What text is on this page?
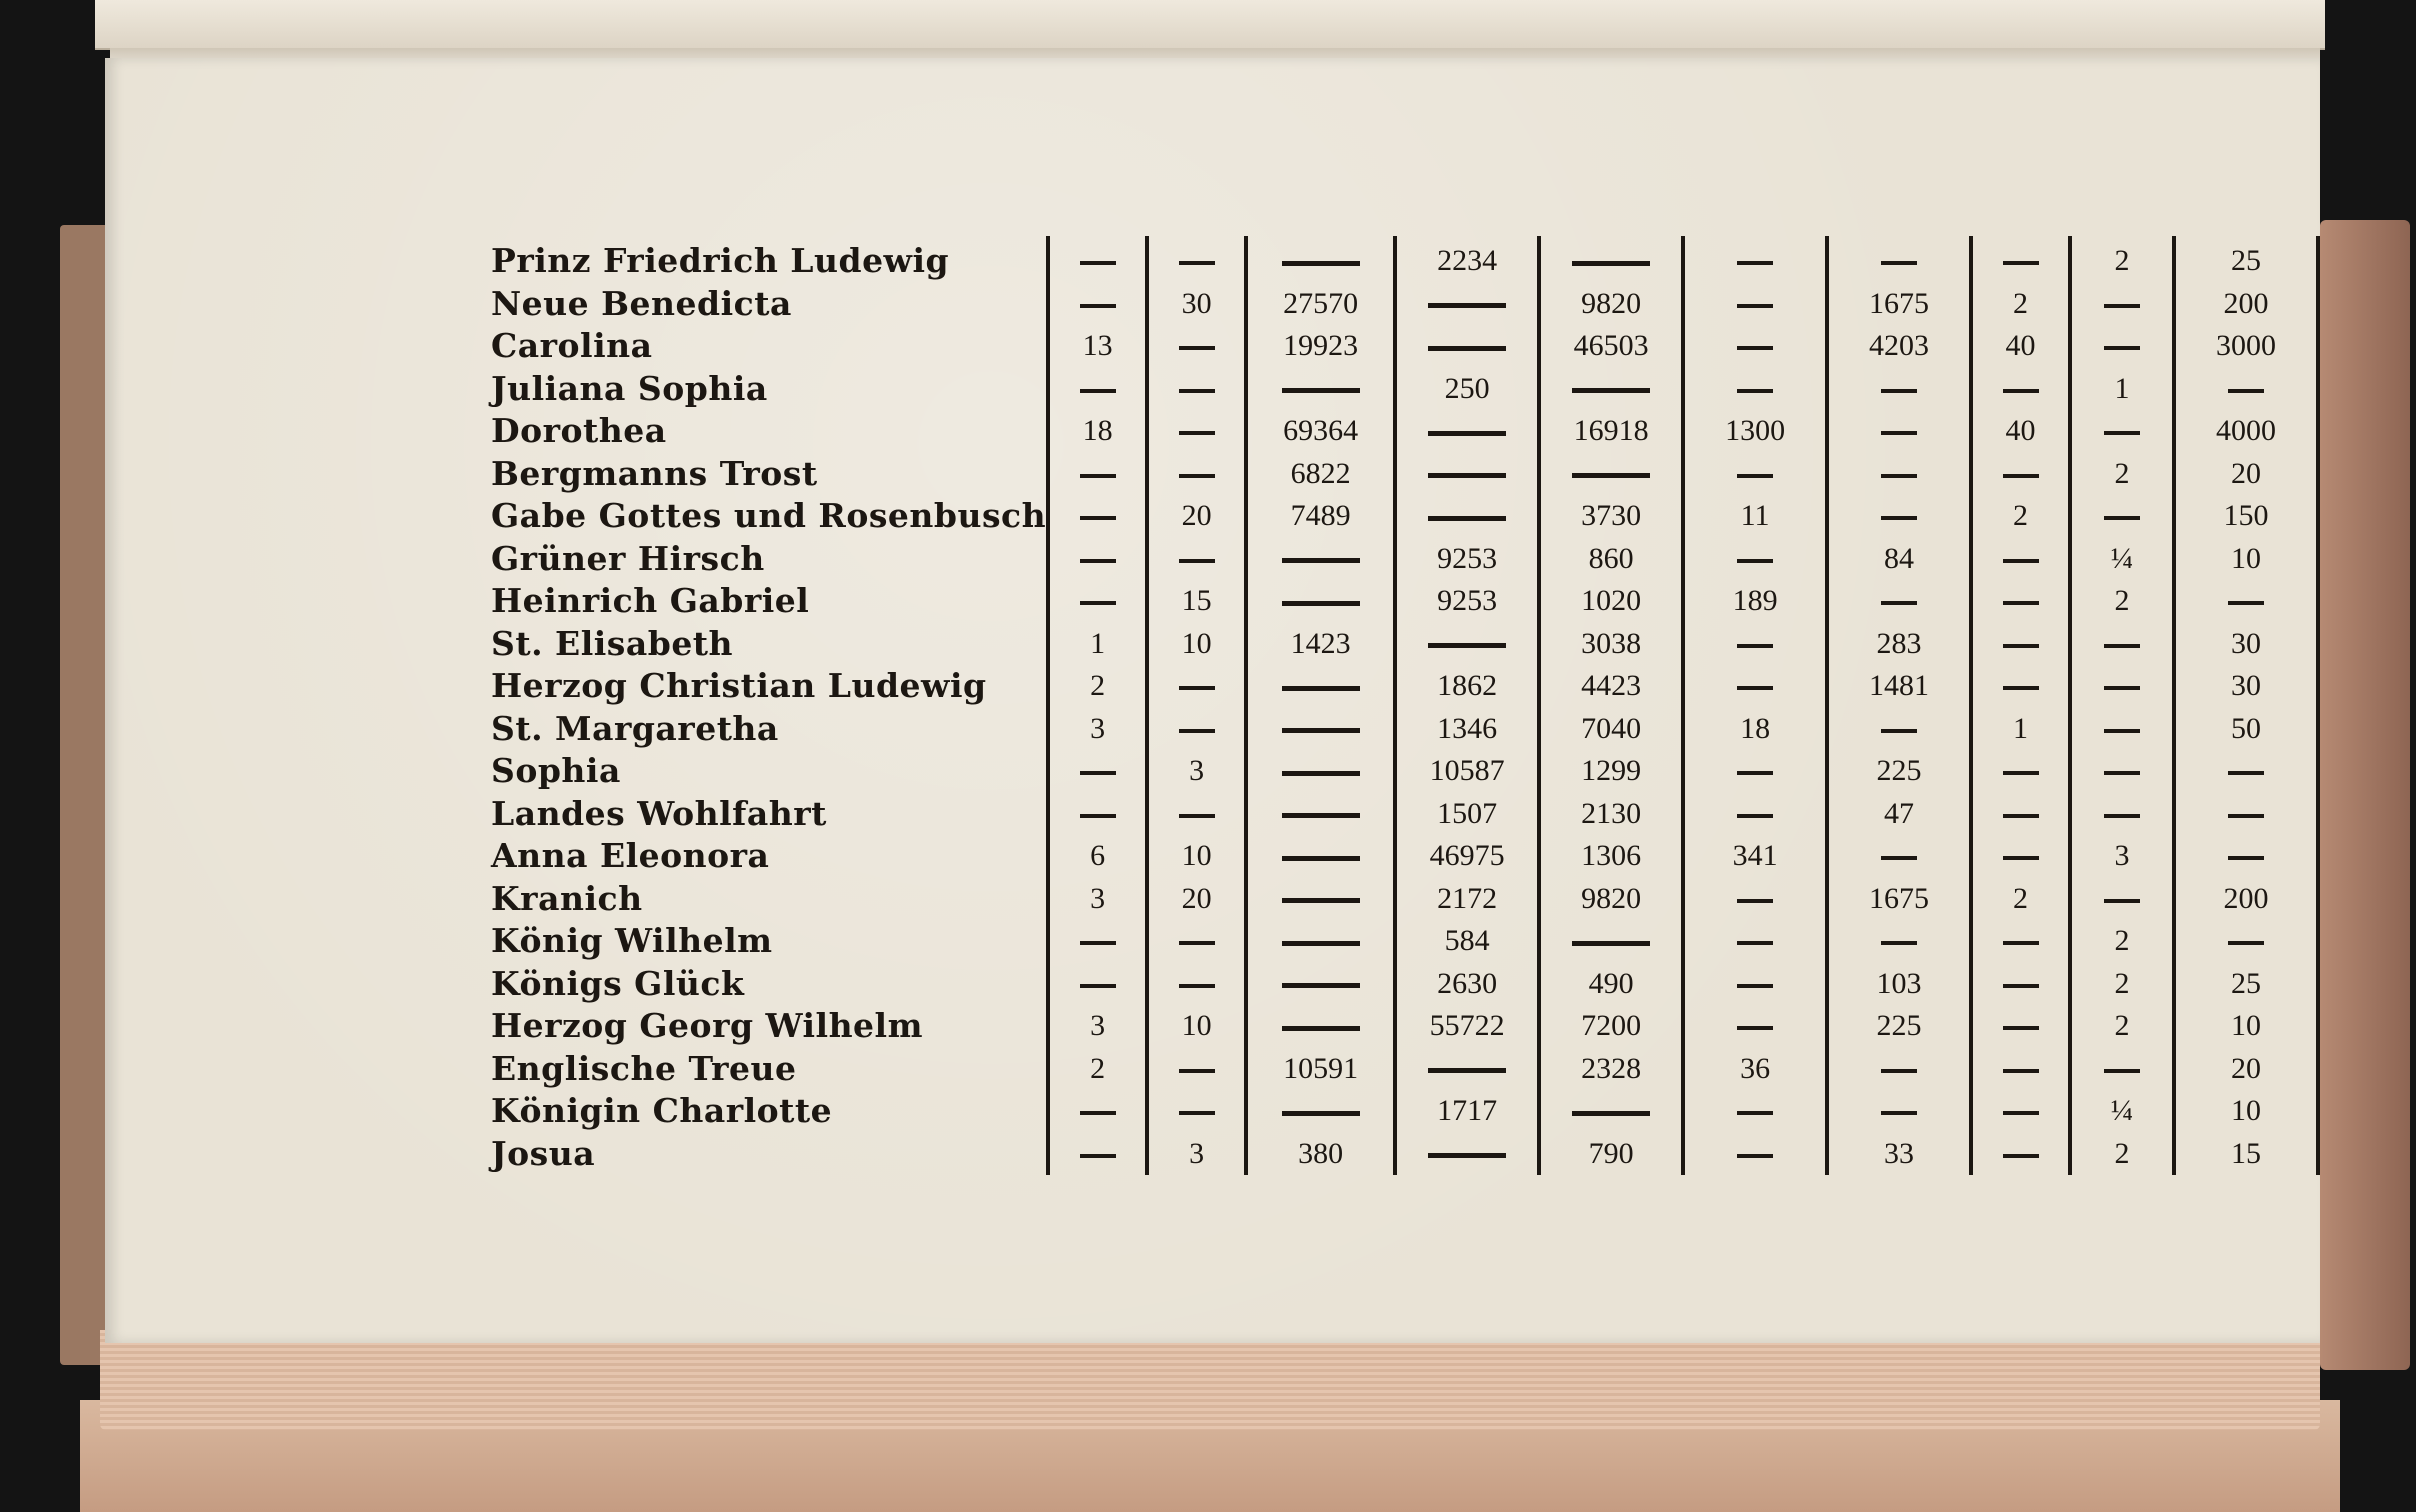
Prinz Friedrich Ludewig				2234					2	25
Neue Benedicta		30	27570		9820		1675	2		200
Carolina	13		19923		46503		4203	40		3000
Juliana Sophia				250					1	
Dorothea	18		69364		16918	1300		40		4000
Bergmanns Trost			6822						2	20
Gabe Gottes und Rosenbusch		20	7489		3730	11		2		150
Grüner Hirsch				9253	860		84		¼	10
Heinrich Gabriel		15		9253	1020	189			2	
St. Elisabeth	1	10	1423		3038		283			30
Herzog Christian Ludewig	2			1862	4423		1481			30
St. Margaretha	3			1346	7040	18		1		50
Sophia		3		10587	1299		225			
Landes Wohlfahrt				1507	2130		47			
Anna Eleonora	6	10		46975	1306	341			3	
Kranich	3	20		2172	9820		1675	2		200
König Wilhelm				584					2	
Königs Glück				2630	490		103		2	25
Herzog Georg Wilhelm	3	10		55722	7200		225		2	10
Englische Treue	2		10591		2328	36				20
Königin Charlotte				1717					¼	10
Josua		3	380		790		33		2	15
